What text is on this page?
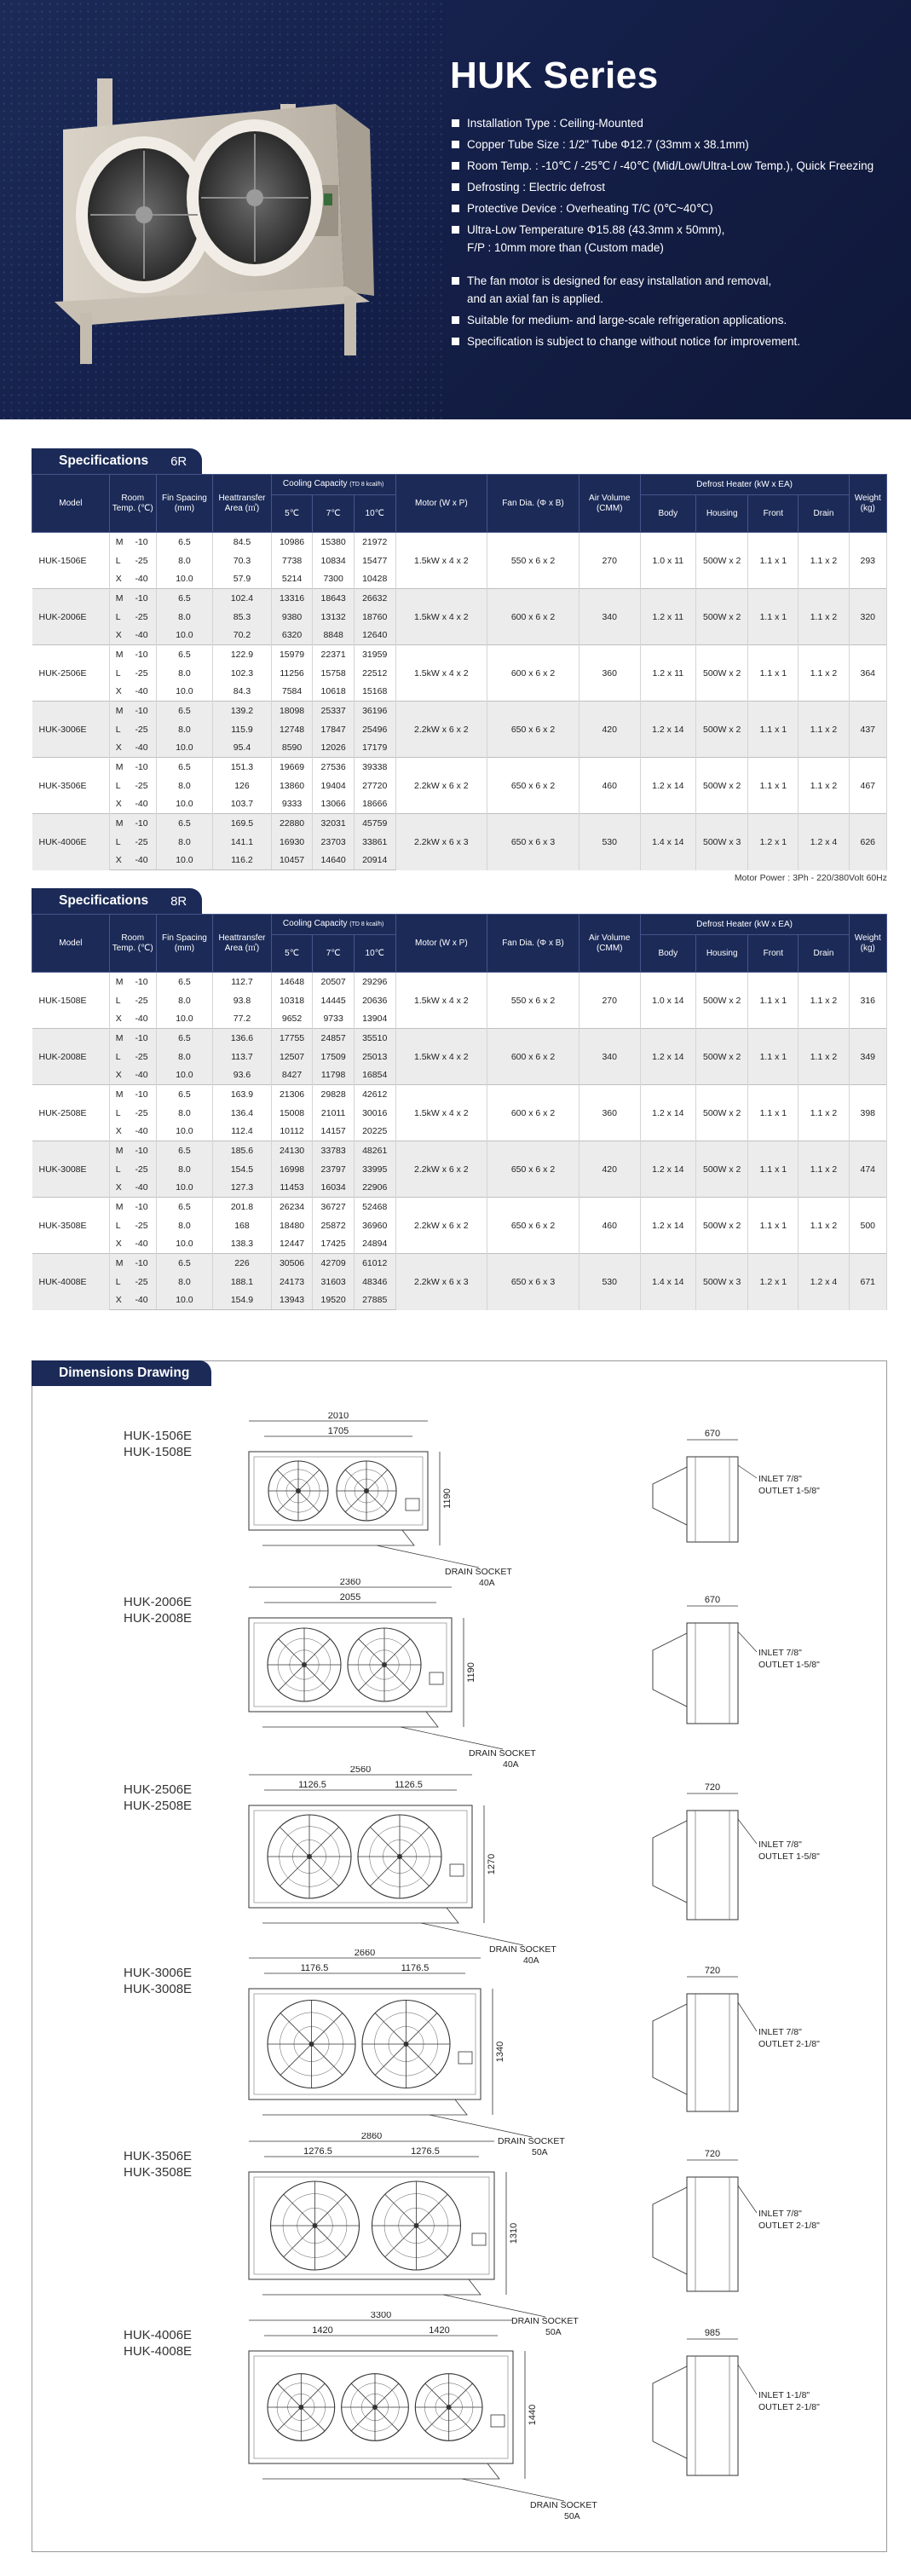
HUK Series
Installation Type : Ceiling-Mounted
Copper Tube Size : 1/2" Tube Φ12.7 (33mm x 38.1mm)
Room Temp. : -10℃ / -25℃ / -40℃ (Mid/Low/Ultra-Low Temp.), Quick Freezing
Defrosting : Electric defrost
Protective Device : Overheating T/C (0℃~40℃)
Ultra-Low Temperature Φ15.88 (43.3mm x 50mm),
F/P : 10mm more than (Custom made)
The fan motor is designed for easy installation and removal,
and an axial fan is applied.
Suitable for medium- and large-scale refrigeration applications.
Specification is subject to change without notice for improvement.
Specifications 6R
Model	Room Temp. (℃)		Fin Spacing (mm)	Heattransfer Area (㎡)	Cooling Capacity (TD 8 kcal/h)			Motor (W x P)	Fan Dia. (Φ x B)	Air Volume (CMM)	Defrost Heater (kW x EA)				Weight (kg)
					5℃	7℃	10℃				Body	Housing	Front	Drain	
HUK-1506E	M	-10	6.5	84.5	10986	15380	21972	1.5kW x 4 x 2	550 x 6 x 2	270	1.0 x 11	500W x 2	1.1 x 1	1.1 x 2	293
	L	-25	8.0	70.3	7738	10834	15477								
	X	-40	10.0	57.9	5214	7300	10428								
HUK-2006E	M	-10	6.5	102.4	13316	18643	26632	1.5kW x 4 x 2	600 x 6 x 2	340	1.2 x 11	500W x 2	1.1 x 1	1.1 x 2	320
	L	-25	8.0	85.3	9380	13132	18760								
	X	-40	10.0	70.2	6320	8848	12640								
HUK-2506E	M	-10	6.5	122.9	15979	22371	31959	1.5kW x 4 x 2	600 x 6 x 2	360	1.2 x 11	500W x 2	1.1 x 1	1.1 x 2	364
	L	-25	8.0	102.3	11256	15758	22512								
	X	-40	10.0	84.3	7584	10618	15168								
HUK-3006E	M	-10	6.5	139.2	18098	25337	36196	2.2kW x 6 x 2	650 x 6 x 2	420	1.2 x 14	500W x 2	1.1 x 1	1.1 x 2	437
	L	-25	8.0	115.9	12748	17847	25496								
	X	-40	10.0	95.4	8590	12026	17179								
HUK-3506E	M	-10	6.5	151.3	19669	27536	39338	2.2kW x 6 x 2	650 x 6 x 2	460	1.2 x 14	500W x 2	1.1 x 1	1.1 x 2	467
	L	-25	8.0	126	13860	19404	27720								
	X	-40	10.0	103.7	9333	13066	18666								
HUK-4006E	M	-10	6.5	169.5	22880	32031	45759	2.2kW x 6 x 3	650 x 6 x 3	530	1.4 x 14	500W x 3	1.2 x 1	1.2 x 4	626
	L	-25	8.0	141.1	16930	23703	33861								
	X	-40	10.0	116.2	10457	14640	20914								
Motor Power : 3Ph - 220/380Volt 60Hz
Specifications 8R
Model	Room Temp. (℃)		Fin Spacing (mm)	Heattransfer Area (㎡)	Cooling Capacity (TD 8 kcal/h)			Motor (W x P)	Fan Dia. (Φ x B)	Air Volume (CMM)	Defrost Heater (kW x EA)				Weight (kg)
					5℃	7℃	10℃				Body	Housing	Front	Drain	
HUK-1508E	M	-10	6.5	112.7	14648	20507	29296	1.5kW x 4 x 2	550 x 6 x 2	270	1.0 x 14	500W x 2	1.1 x 1	1.1 x 2	316
	L	-25	8.0	93.8	10318	14445	20636								
	X	-40	10.0	77.2	9652	9733	13904								
HUK-2008E	M	-10	6.5	136.6	17755	24857	35510	1.5kW x 4 x 2	600 x 6 x 2	340	1.2 x 14	500W x 2	1.1 x 1	1.1 x 2	349
	L	-25	8.0	113.7	12507	17509	25013								
	X	-40	10.0	93.6	8427	11798	16854								
HUK-2508E	M	-10	6.5	163.9	21306	29828	42612	1.5kW x 4 x 2	600 x 6 x 2	360	1.2 x 14	500W x 2	1.1 x 1	1.1 x 2	398
	L	-25	8.0	136.4	15008	21011	30016								
	X	-40	10.0	112.4	10112	14157	20225								
HUK-3008E	M	-10	6.5	185.6	24130	33783	48261	2.2kW x 6 x 2	650 x 6 x 2	420	1.2 x 14	500W x 2	1.1 x 1	1.1 x 2	474
	L	-25	8.0	154.5	16998	23797	33995								
	X	-40	10.0	127.3	11453	16034	22906								
HUK-3508E	M	-10	6.5	201.8	26234	36727	52468	2.2kW x 6 x 2	650 x 6 x 2	460	1.2 x 14	500W x 2	1.1 x 1	1.1 x 2	500
	L	-25	8.0	168	18480	25872	36960								
	X	-40	10.0	138.3	12447	17425	24894								
HUK-4008E	M	-10	6.5	226	30506	42709	61012	2.2kW x 6 x 3	650 x 6 x 3	530	1.4 x 14	500W x 3	1.2 x 1	1.2 x 4	671
	L	-25	8.0	188.1	24173	31603	48346								
	X	-40	10.0	154.9	13943	19520	27885								
Dimensions Drawing
HUK-1506E
HUK-1508E
2010
1705
1190
DRAIN SOCKET
40A
670
INLET 7/8"
OUTLET 1-5/8"
HUK-2006E
HUK-2008E
2360
2055
1190
DRAIN SOCKET
40A
670
INLET 7/8"
OUTLET 1-5/8"
HUK-2506E
HUK-2508E
2560
1126.5	1126.5
1270
DRAIN SOCKET
40A
720
INLET 7/8"
OUTLET 1-5/8"
HUK-3006E
HUK-3008E
2660
1176.5	1176.5
1340
DRAIN SOCKET
50A
720
INLET 7/8"
OUTLET 2-1/8"
HUK-3506E
HUK-3508E
2860
1276.5	1276.5
1310
DRAIN SOCKET
50A
720
INLET 7/8"
OUTLET 2-1/8"
HUK-4006E
HUK-4008E
3300
1420	1420
1440
DRAIN SOCKET
50A
985
INLET 1-1/8"
OUTLET 2-1/8"
